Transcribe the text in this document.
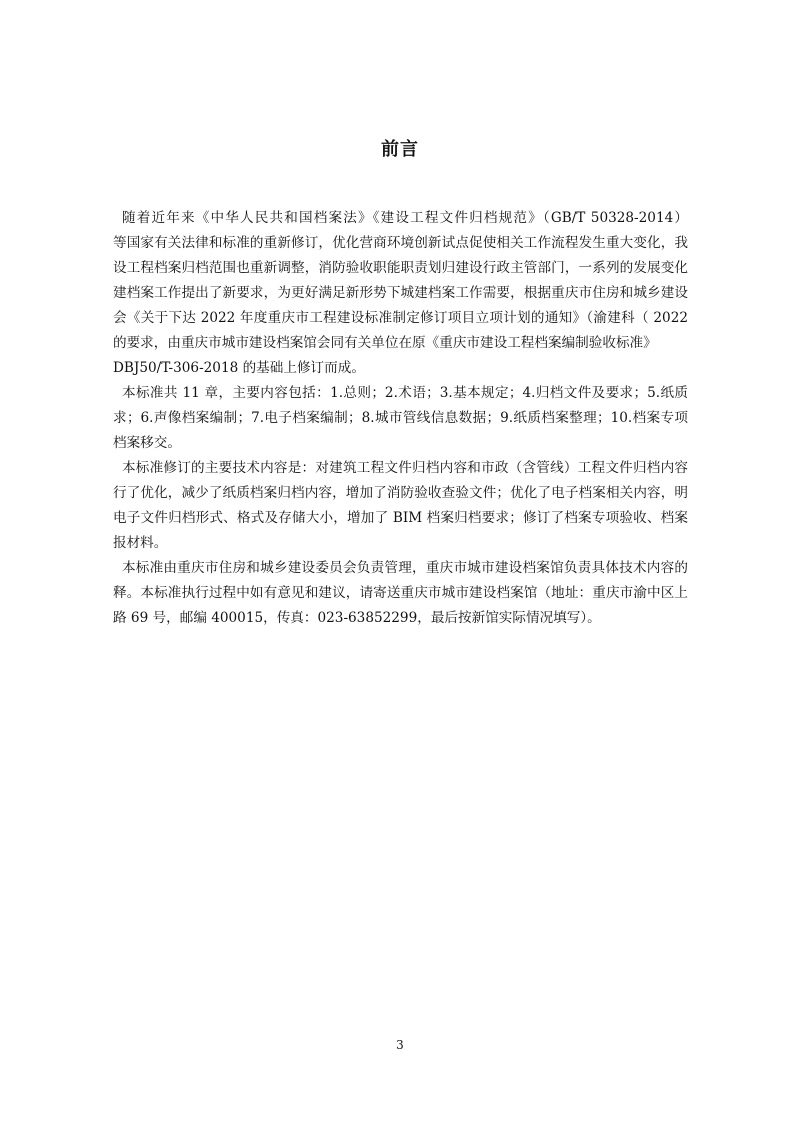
前言
随着近年来《中华人民共和国档案法》《建设工程文件归档规范》（GB/T 50328-2014）
等国家有关法律和标准的重新修订，优化营商环境创新试点促使相关工作流程发生重大变化，我
设工程档案归档范围也重新调整，消防验收职能职责划归建设行政主管部门，一系列的发展变化
建档案工作提出了新要求，为更好满足新形势下城建档案工作需要，根据重庆市住房和城乡建设
会《关于下达 2022 年度重庆市工程建设标准制定修订项目立项计划的通知》（渝建科（ 2022
的要求，由重庆市城市建设档案馆会同有关单位在原《重庆市建设工程档案编制验收标准》
DBJ50/T-306-2018 的基础上修订而成。
本标准共 11 章，主要内容包括：1.总则；2.术语；3.基本规定；4.归档文件及要求；5.纸质
求；6.声像档案编制；7.电子档案编制；8.城市管线信息数据；9.纸质档案整理；10.档案专项
档案移交。
本标准修订的主要技术内容是：对建筑工程文件归档内容和市政（含管线）工程文件归档内容
行了优化，减少了纸质档案归档内容，增加了消防验收查验文件；优化了电子档案相关内容，明
电子文件归档形式、格式及存储大小，增加了 BIM 档案归档要求；修订了档案专项验收、档案
报材料。
本标准由重庆市住房和城乡建设委员会负责管理，重庆市城市建设档案馆负责具体技术内容的
释。本标准执行过程中如有意见和建议，请寄送重庆市城市建设档案馆（地址：重庆市渝中区上
路 69 号，邮编 400015，传真：023-63852299，最后按新馆实际情况填写）。
3
